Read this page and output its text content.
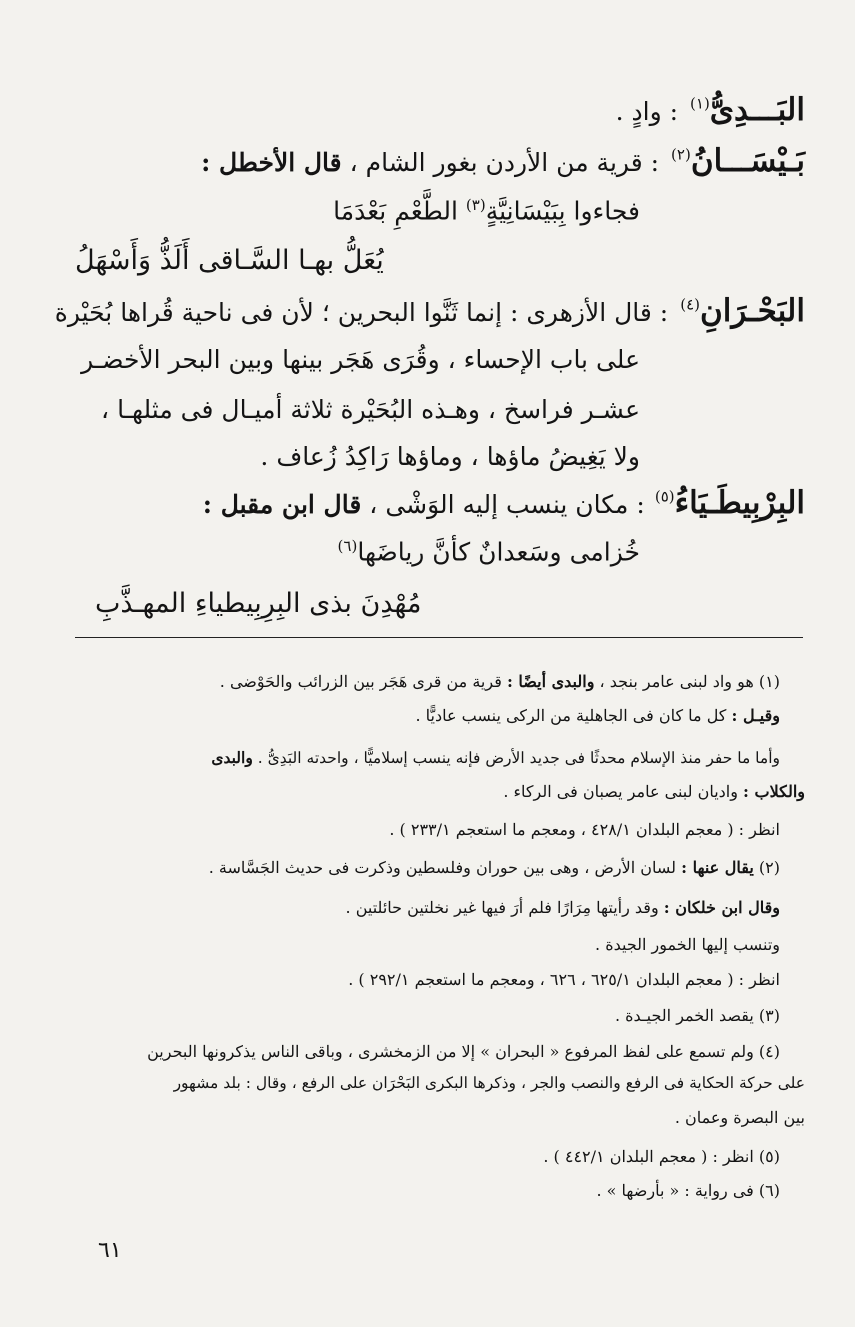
البَـــدِىُّ$^{(١)}$
: وادٍ .
بَـيْسَـــانُ$^{(٢)}$
: قرية من الأردن بغور الشام ،
قال الأخطل :
فجاءوا بِبَيْسَانِيَّةٍ$^{(٣)}$ الطَّعْمِ بَعْدَمَا
يُعَلُّ بهـا السَّـاقى أَلَذُّ وَأَسْهَلُ
البَحْـرَانِ$^{(٤)}$
: قال الأزهرى : إنما ثَنَّوا البحرين ؛ لأن فى ناحية قُراها بُحَيْرة
على باب الإحساء ، وقُرَى هَجَر بينها وبين البحر الأخضـر
عشـر فراسخ ، وهـذه البُحَيْرة ثلاثة أميـال فى مثلهـا ،
ولا يَغِيضُ ماؤها ، وماؤها رَاكِدُ زُعاف .
البِرْبِيطَـيَاءُ$^{(٥)}$
: مكان ينسب إليه الوَشْى ،
قال ابن مقبل :
خُزامى وسَعدانٌ كأنَّ رياضَها$^{(٦)}$
مُهْدِنَ بذى البِرِبِيطياءِ المهـذَّبِ
(١) هو واد لبنى عامر بنجد ، والبدى أيضًا : قرية من قرى هَجَر بين الزرائب والحَوْضى .
وقيـل : كل ما كان فى الجاهلية من الركى ينسب عاديًّا .
وأما ما حفر منذ الإسلام محدثًا فى جديد الأرض فإنه ينسب إسلاميًّا ، واحدته البَدِىُّ . والبدى
والكلاب : واديان لبنى عامر يصبان فى الركاء .
انظر : ( معجم البلدان ٤٢٨/١ ، ومعجم ما استعجم ٢٣٣/١ ) .
(٢) يقال عنها : لسان الأرض ، وهى بين حوران وفلسطين وذكرت فى حديث الجَسَّاسة .
وقال ابن خلكان : وقد رأيتها مِرَارًا فلم أرَ فيها غير نخلتين حائلتين .
وتنسب إليها الخمور الجيدة .
انظر : ( معجم البلدان ٦٢٥/١ ، ٦٢٦ ، ومعجم ما استعجم ٢٩٢/١ ) .
(٣) يقصد الخمر الجيـدة .
(٤) ولم تسمع على لفظ المرفوع « البحران » إلا من الزمخشرى ، وباقى الناس يذكرونها البحرين
على حركة الحكاية فى الرفع والنصب والجر ، وذكرها البكرى البَحْرَان على الرفع ، وقال : بلد مشهور
بين البصرة وعمان .
(٥) انظر : ( معجم البلدان ٤٤٢/١ ) .
(٦) فى رواية : « بأرضها » .
٦١
